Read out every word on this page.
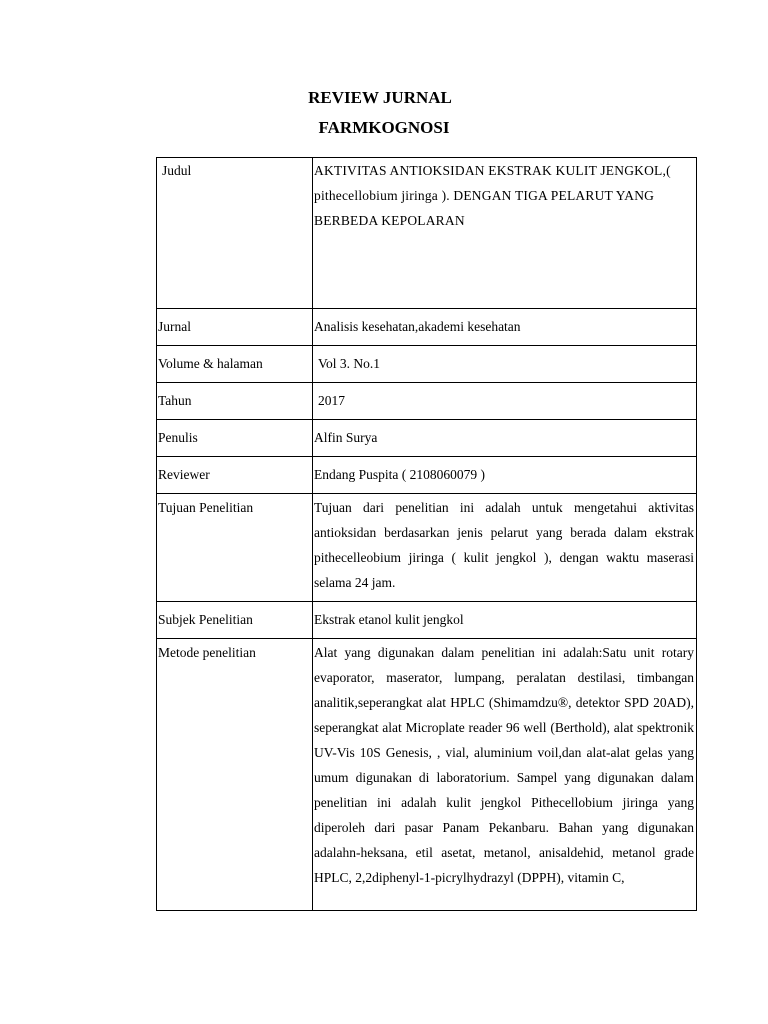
REVIEW JURNAL
FARMKOGNOSI
Judul	AKTIVITAS ANTIOKSIDAN EKSTRAK KULIT JENGKOL,( pithecellobium jiringa ). DENGAN TIGA PELARUT YANG BERBEDA KEPOLARAN
Jurnal	Analisis kesehatan,akademi kesehatan
Volume & halaman	Vol 3. No.1
Tahun	2017
Penulis	Alfin Surya
Reviewer	Endang Puspita ( 2108060079 )
Tujuan Penelitian	Tujuan dari penelitian ini adalah untuk mengetahui aktivitas antioksidan berdasarkan jenis pelarut yang berada dalam ekstrak pithecelleobium jiringa ( kulit jengkol ), dengan waktu maserasi selama 24 jam.
Subjek Penelitian	Ekstrak etanol kulit jengkol
Metode penelitian	Alat yang digunakan dalam penelitian ini adalah:Satu unit rotary evaporator, maserator, lumpang, peralatan destilasi, timbangan analitik,seperangkat alat HPLC (Shimamdzu®, detektor SPD 20AD), seperangkat alat Microplate reader 96 well (Berthold), alat spektronik UV-Vis 10S Genesis, , vial, aluminium voil,dan alat-alat gelas yang umum digunakan di laboratorium. Sampel yang digunakan dalam penelitian ini adalah kulit jengkol Pithecellobium jiringa yang diperoleh dari pasar Panam Pekanbaru. Bahan yang digunakan adalahn-heksana, etil asetat, metanol, anisaldehid, metanol grade HPLC, 2,2diphenyl-1-picrylhydrazyl (DPPH), vitamin C,
